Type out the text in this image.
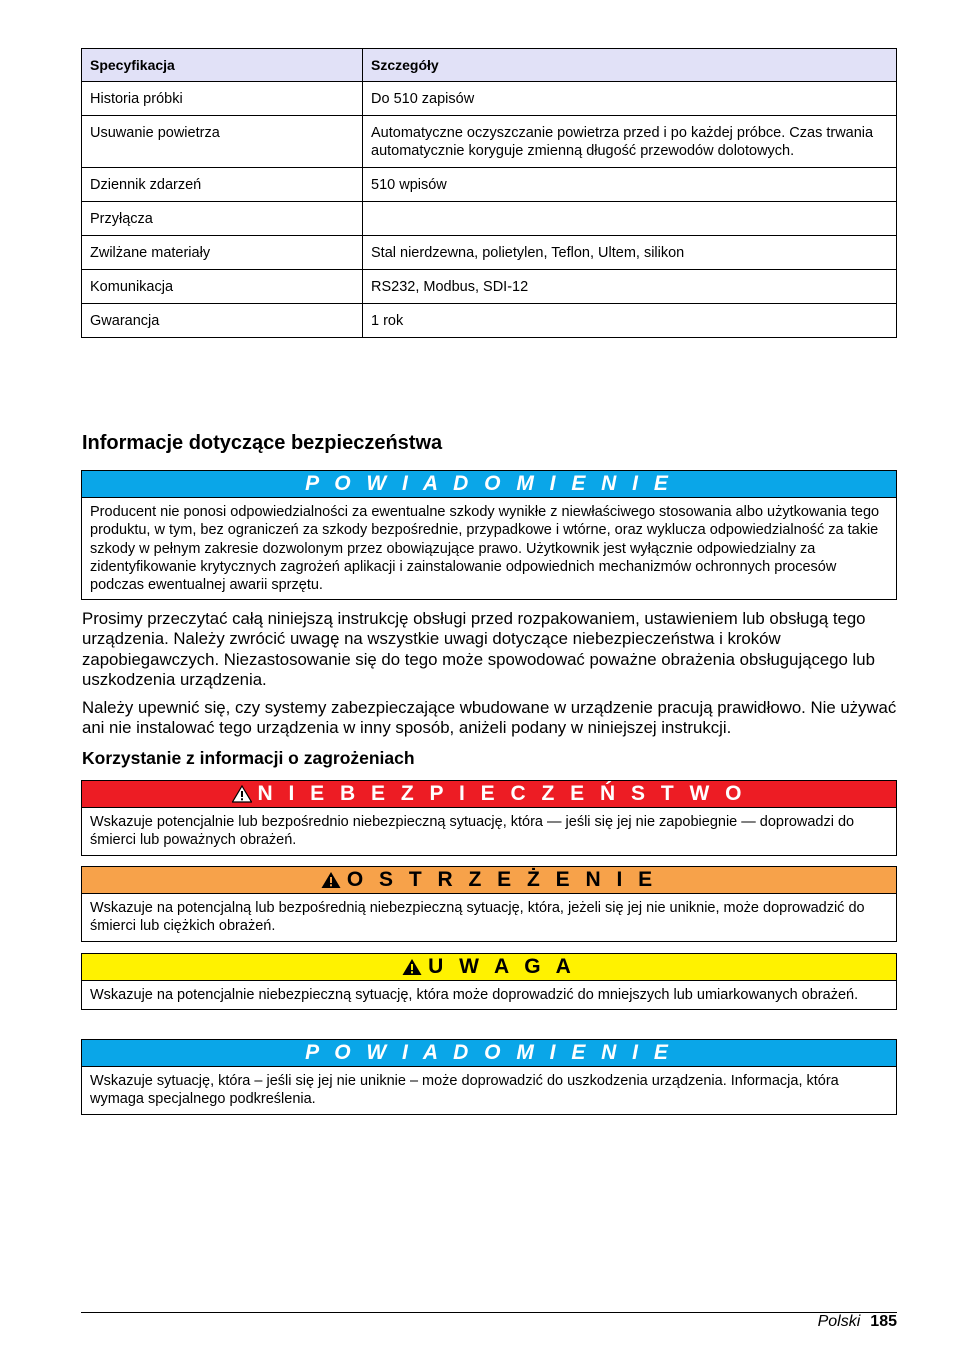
Specyfikacja	Szczegóły
Historia próbki	Do 510 zapisów
Usuwanie powietrza	Automatyczne oczyszczanie powietrza przed i po każdej próbce. Czas trwania automatycznie koryguje zmienną długość przewodów dolotowych.
Dziennik zdarzeń	510 wpisów
Przyłącza	
Zwilżane materiały	Stal nierdzewna, polietylen, Teflon, Ultem, silikon
Komunikacja	RS232, Modbus, SDI-12
Gwarancja	1 rok
Informacje dotyczące bezpieczeństwa
P O W I A D O M I E N I E
Producent nie ponosi odpowiedzialności za ewentualne szkody wynikłe z niewłaściwego stosowania albo użytkowania tego produktu, w tym, bez ograniczeń za szkody bezpośrednie, przypadkowe i wtórne, oraz wyklucza odpowiedzialność za takie szkody w pełnym zakresie dozwolonym przez obowiązujące prawo. Użytkownik jest wyłącznie odpowiedzialny za zidentyfikowanie krytycznych zagrożeń aplikacji i zainstalowanie odpowiednich mechanizmów ochronnych procesów podczas ewentualnej awarii sprzętu.

Prosimy przeczytać całą niniejszą instrukcję obsługi przed rozpakowaniem, ustawieniem lub obsługą tego urządzenia. Należy zwrócić uwagę na wszystkie uwagi dotyczące niebezpieczeństwa i kroków zapobiegawczych. Niezastosowanie się do tego może spowodować poważne obrażenia obsługującego lub uszkodzenia urządzenia.

Należy upewnić się, czy systemy zabezpieczające wbudowane w urządzenie pracują prawidłowo. Nie używać ani nie instalować tego urządzenia w inny sposób, aniżeli podany w niniejszej instrukcji.

Korzystanie z informacji o zagrożeniach
N I E B E Z P I E C Z E Ń S T W O
Wskazuje potencjalnie lub bezpośrednio niebezpieczną sytuację, która — jeśli się jej nie zapobiegnie — doprowadzi do śmierci lub poważnych obrażeń.
O S T R Z E Ż E N I E
Wskazuje na potencjalną lub bezpośrednią niebezpieczną sytuację, która, jeżeli się jej nie uniknie, może doprowadzić do śmierci lub ciężkich obrażeń.
U W A G A
Wskazuje na potencjalnie niebezpieczną sytuację, która może doprowadzić do mniejszych lub umiarkowanych obrażeń.
P O W I A D O M I E N I E
Wskazuje sytuację, która – jeśli się jej nie uniknie – może doprowadzić do uszkodzenia urządzenia. Informacja, która wymaga specjalnego podkreślenia.
Polski 185
